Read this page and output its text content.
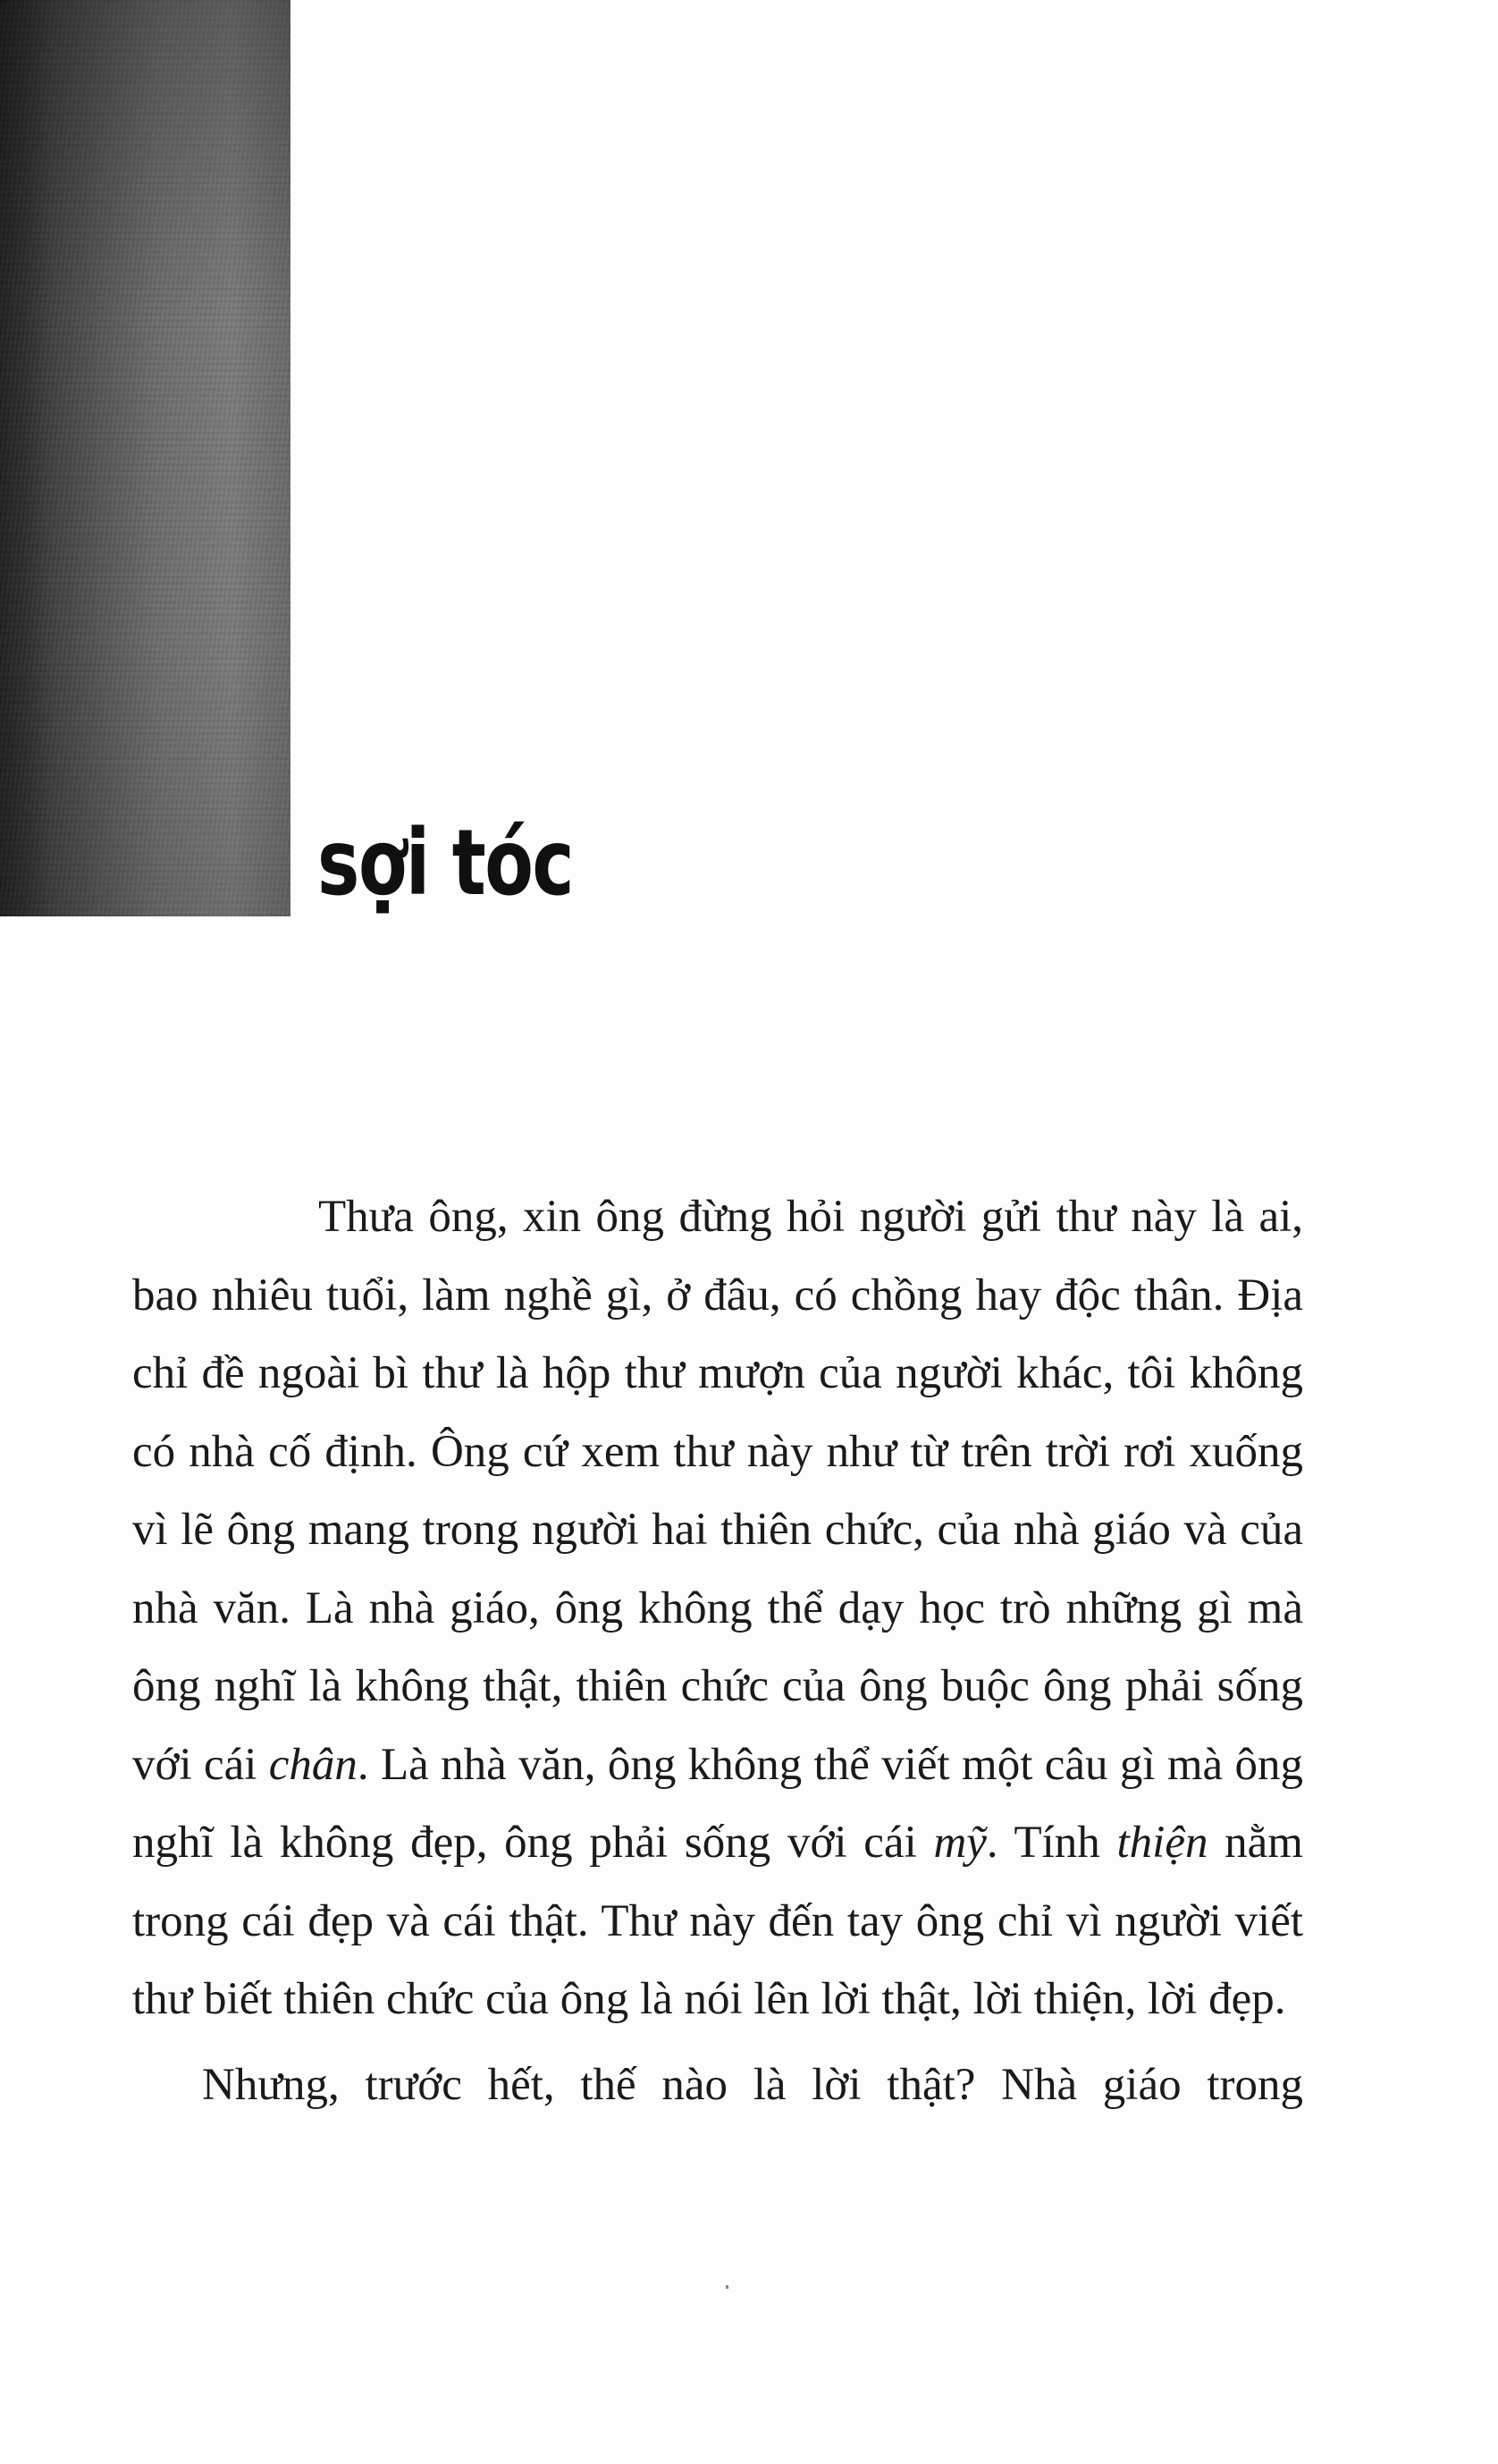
sợi tóc

Thưa ông, xin ông đừng hỏi người gửi thư này là ai, bao nhiêu tuổi, làm nghề gì, ở đâu, có chồng hay độc thân. Địa chỉ đề ngoài bì thư là hộp thư mượn của người khác, tôi không có nhà cố định. Ông cứ xem thư này như từ trên trời rơi xuống vì lẽ ông mang trong người hai thiên chức, của nhà giáo và của nhà văn. Là nhà giáo, ông không thể dạy học trò những gì mà ông nghĩ là không thật, thiên chức của ông buộc ông phải sống với cái chân. Là nhà văn, ông không thể viết một câu gì mà ông nghĩ là không đẹp, ông phải sống với cái mỹ. Tính thiện nằm trong cái đẹp và cái thật. Thư này đến tay ông chỉ vì người viết thư biết thiên chức của ông là nói lên lời thật, lời thiện, lời đẹp.

Nhưng, trước hết, thế nào là lời thật? Nhà giáo trong
